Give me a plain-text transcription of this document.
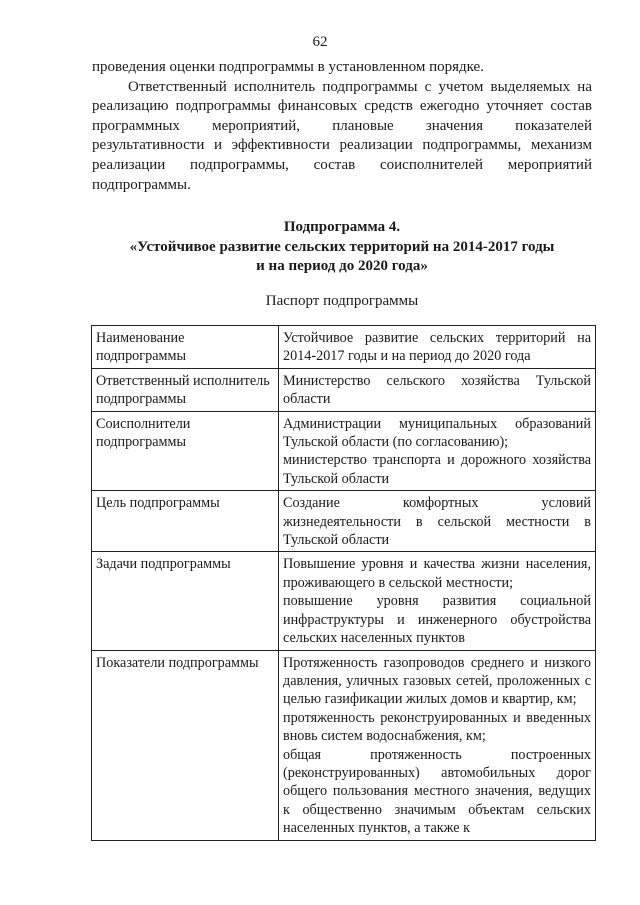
62

проведения оценки подпрограммы в установленном порядке.

Ответственный исполнитель подпрограммы с учетом выделяемых на реализацию подпрограммы финансовых средств ежегодно уточняет состав программных мероприятий, плановые значения показателей результативности и эффективности реализации подпрограммы, механизм реализации подпрограммы, состав соисполнителей мероприятий подпрограммы.

Подпрограмма 4.
«Устойчивое развитие сельских территорий на 2014-2017 годы
и на период до 2020 года»
Паспорт подпрограммы
Наименование подпрограммы	Устойчивое развитие сельских территорий на 2014-2017 годы и на период до 2020 года

Ответственный исполнитель подпрограммы	Министерство сельского хозяйства Тульской области

Соисполнители подпрограммы	Администрации муниципальных образований Тульской области (по согласованию);
министерство транспорта и дорожного хозяйства Тульской области

Цель подпрограммы	Создание комфортных условий жизнедеятельности в сельской местности в Тульской области

Задачи подпрограммы	Повышение уровня и качества жизни населения, проживающего в сельской местности;
повышение уровня развития социальной инфраструктуры и инженерного обустройства сельских населенных пунктов

Показатели подпрограммы	Протяженность газопроводов среднего и низкого давления, уличных газовых сетей, проложенных с целью газификации жилых домов и квартир, км;
протяженность реконструированных и введенных вновь систем водоснабжения, км;
общая протяженность построенных (реконструированных) автомобильных дорог общего пользования местного значения, ведущих к общественно значимым объектам сельских населенных пунктов, а также к
